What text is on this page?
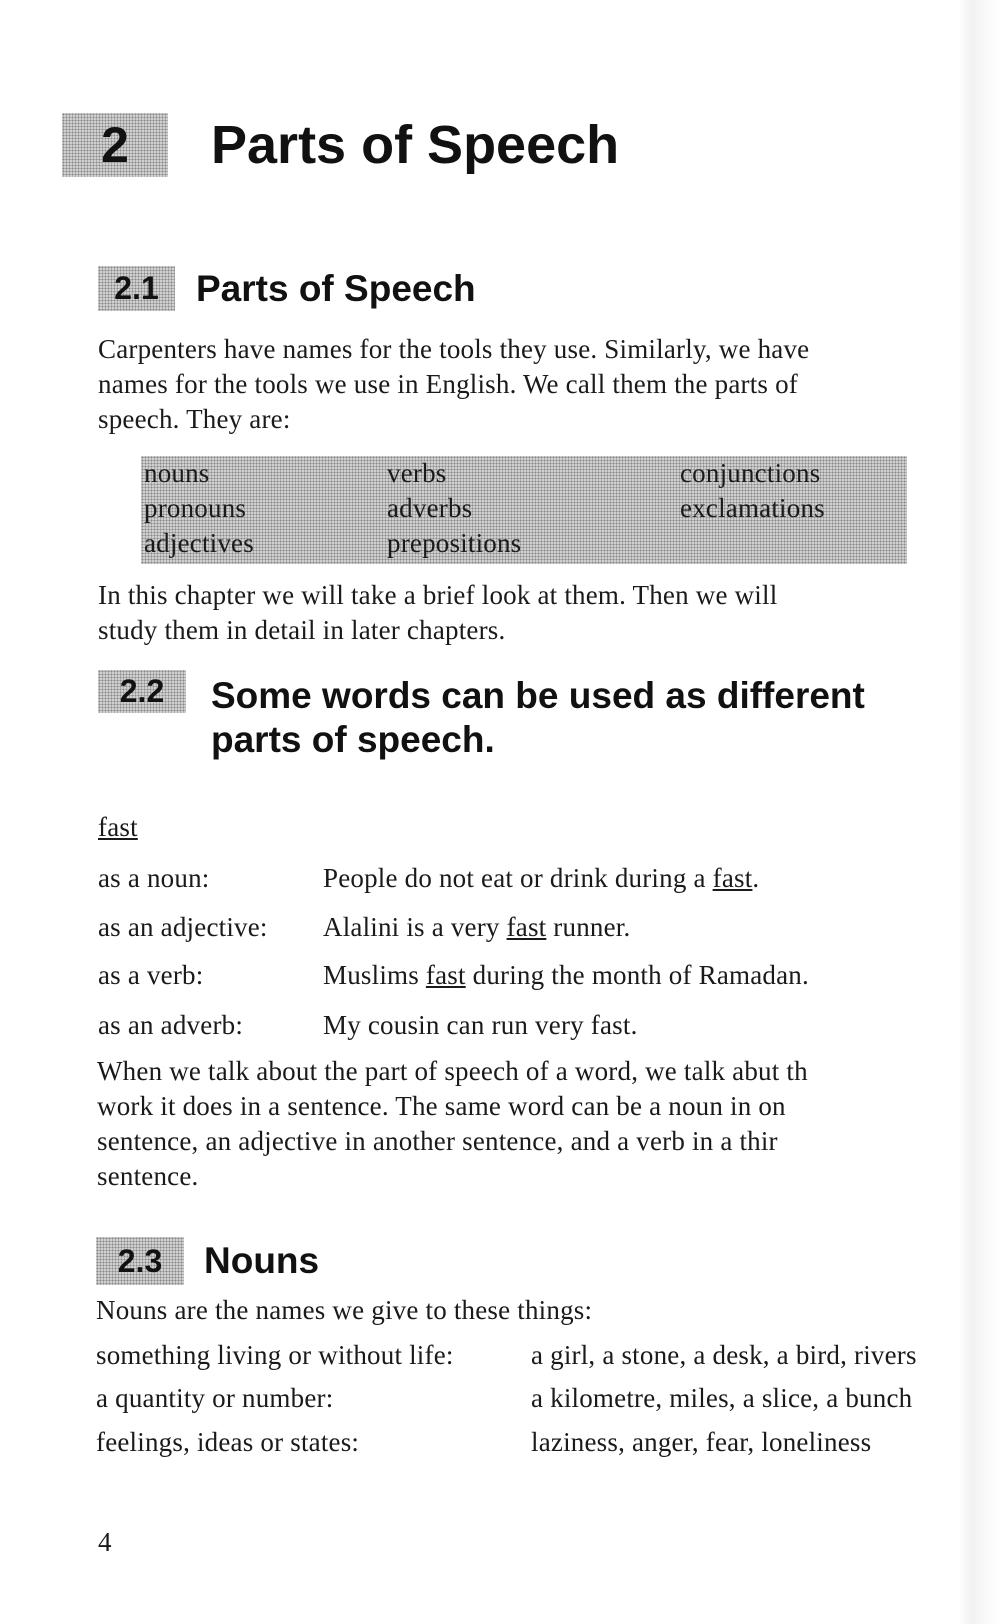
2 Parts of Speech
2.1 Parts of Speech
Carpenters have names for the tools they use. Similarly, we have
names for the tools we use in English. We call them the parts of
speech. They are:
nouns	verbs	conjunctions
pronouns	adverbs	exclamations
adjectives	prepositions
In this chapter we will take a brief look at them. Then we will
study them in detail in later chapters.
2.2 Some words can be used as different
parts of speech.
fast
as a noun:	People do not eat or drink during a fast.
as an adjective: Alalini is a very fast runner.
as a verb:	Muslims fast during the month of Ramadan.
as an adverb:	My cousin can run very fast.
When we talk about the part of speech of a word, we talk abut th
work it does in a sentence. The same word can be a noun in on
sentence, an adjective in another sentence, and a verb in a thir
sentence.
2.3 Nouns
Nouns are the names we give to these things:
something living or without life:	a girl, a stone, a desk, a bird, rivers
a quantity or number:	a kilometre, miles, a slice, a bunch
feelings, ideas or states:	laziness, anger, fear, loneliness
4
